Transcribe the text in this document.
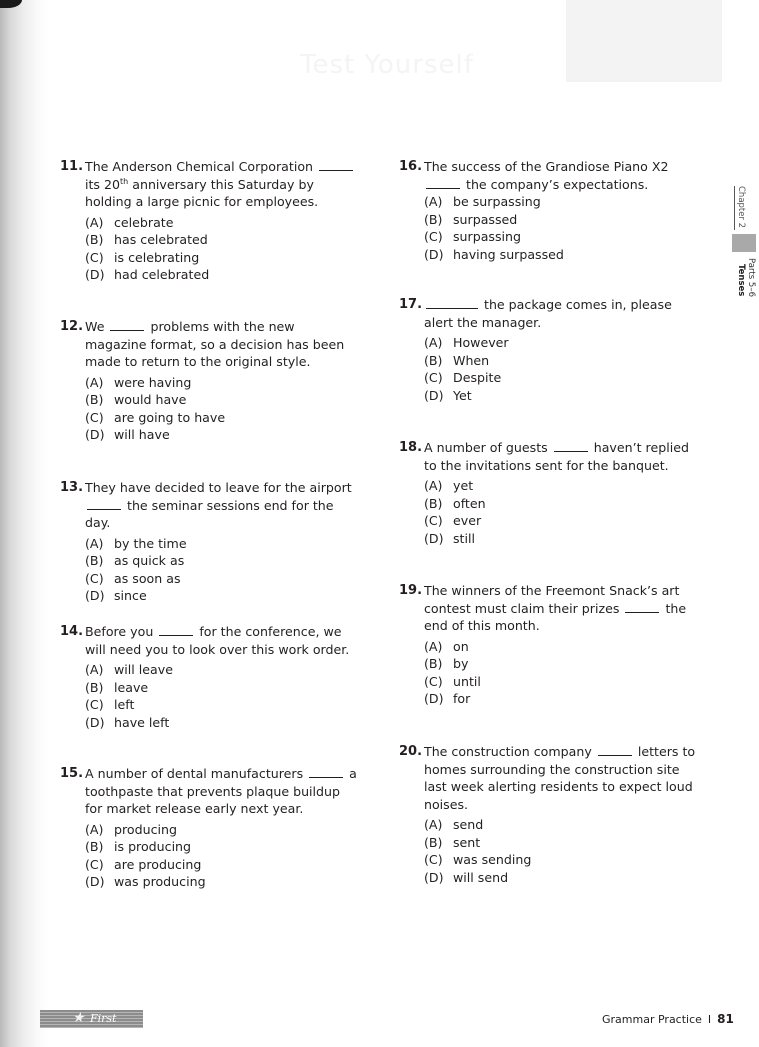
Test Yourself
11. The Anderson Chemical Corporation  its 20th anniversary this Saturday by holding a large picnic for employees.
(A) celebrate
(B) has celebrated
(C) is celebrating
(D) had celebrated
12. We	problems with the new magazine format, so a decision has been made to return to the original style.
(A) were having
(B) would have
(C) are going to have
(D) will have
13. They have decided to leave for the airport  the seminar sessions end for the day.
(A) by the time
(B) as quick as
(C) as soon as
(D) since
14. Before you	for the conference, we will need you to look over this work order.
(A) will leave
(B) leave
(C) left
(D) have left
15. A number of dental manufacturers	a toothpaste that prevents plaque buildup for market release early next year.
(A) producing
(B) is producing
(C) are producing
(D) was producing
16. The success of the Grandiose Piano X2  the company’s expectations.
(A) be surpassing
(B) surpassed
(C) surpassing
(D) having surpassed
17.	the package comes in, please alert the manager.
(A) However
(B) When
(C) Despite
(D) Yet
18. A number of guests	haven’t replied to the invitations sent for the banquet.
(A) yet
(B) often
(C) ever
(D) still
19. The winners of the Freemont Snack’s art contest must claim their prizes	the end of this month.
(A) on
(B) by
(C) until
(D) for
20. The construction company	letters to homes surrounding the construction site last week alerting residents to expect loud noises.
(A) send
(B) sent
(C) was sending
(D) will send
Chapter 2
Parts 5–6 Tenses
★ First News
Grammar Practice I 81
